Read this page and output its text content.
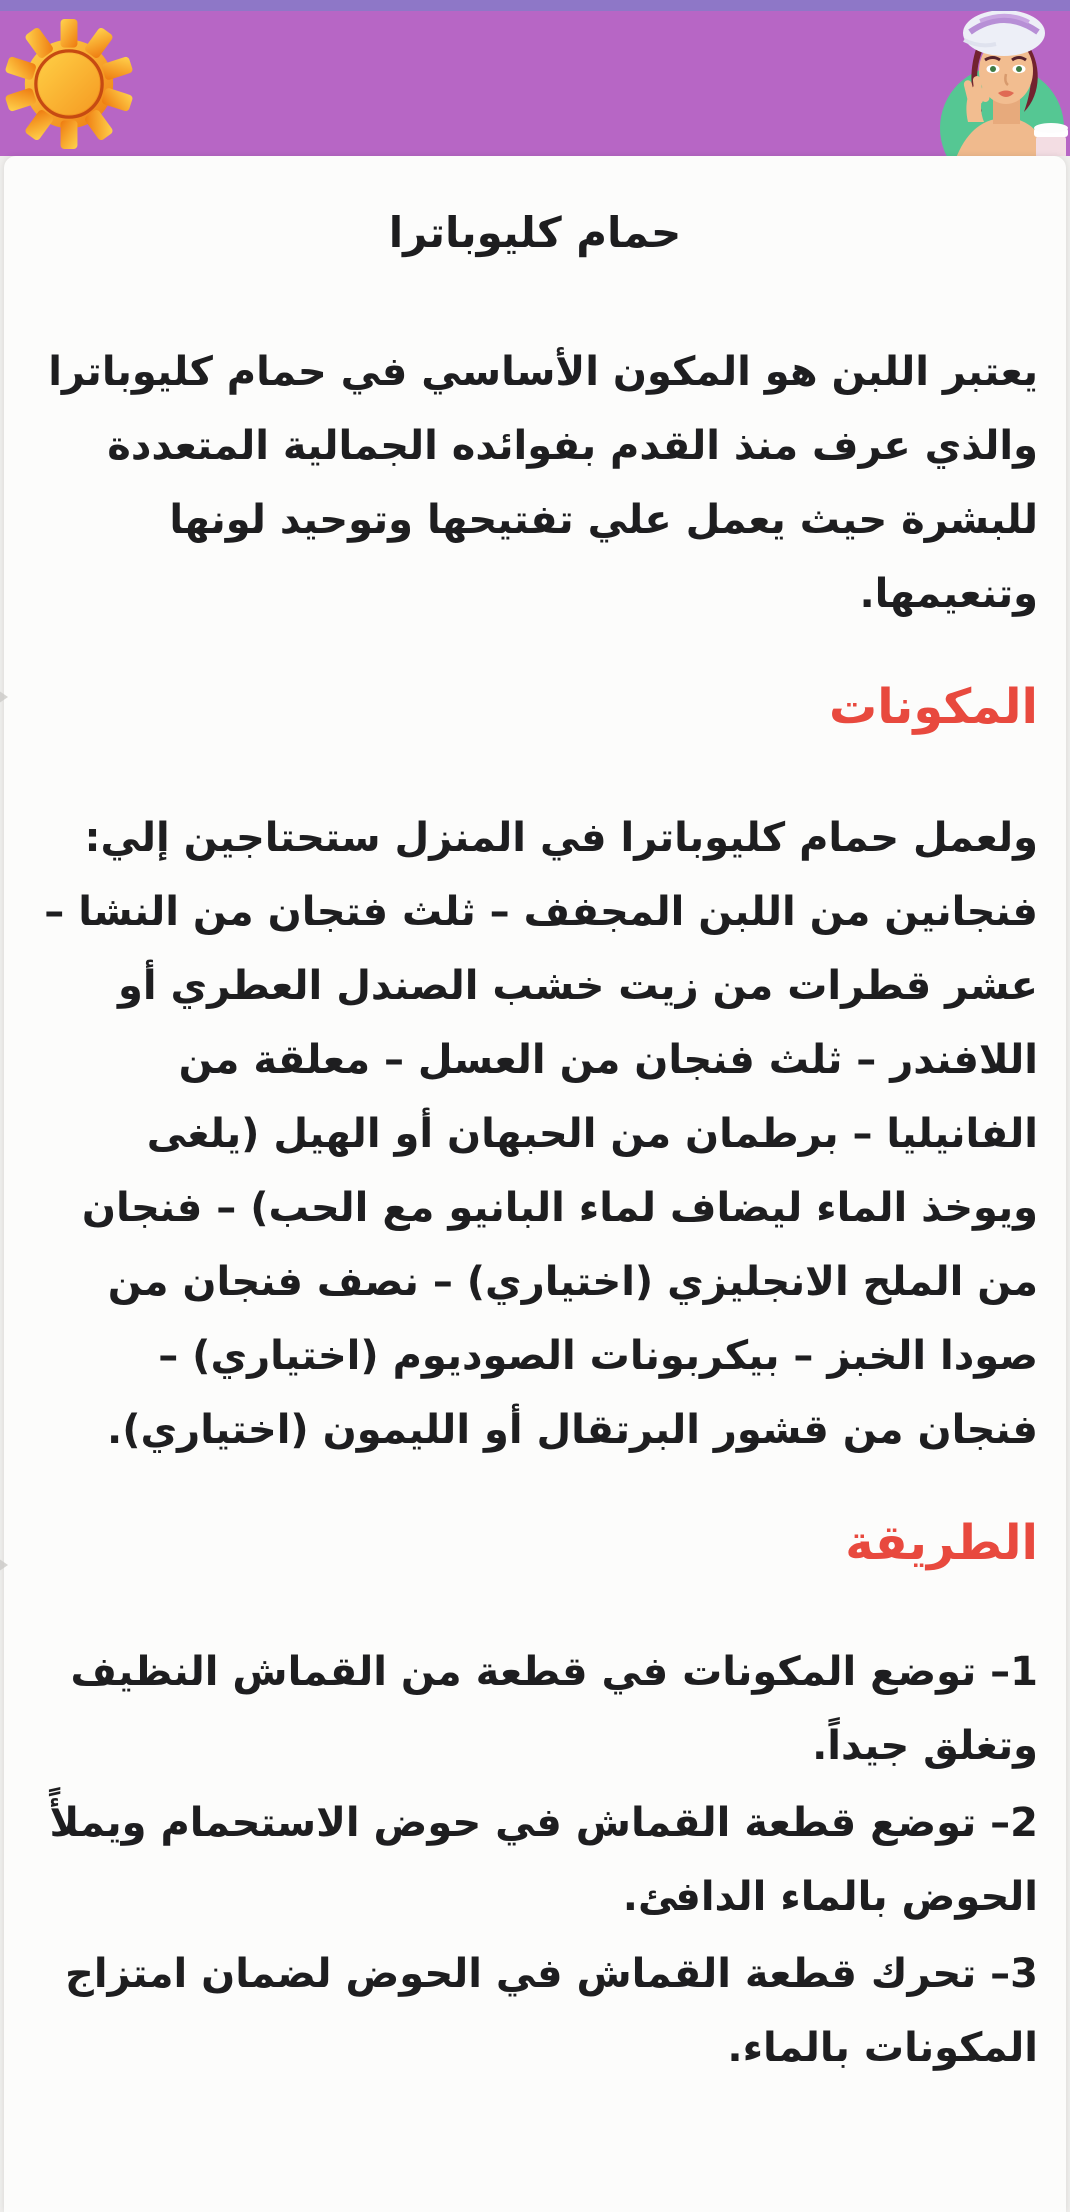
حمام كليوباترا

يعتبر اللبن هو المكون الأساسي في حمام كليوباترا والذي عرف منذ القدم بفوائده الجمالية المتعددة للبشرة حيث يعمل علي تفتيحها وتوحيد لونها وتنعيمها.

المكونات

ولعمل حمام كليوباترا في المنزل ستحتاجين إلي: فنجانين من اللبن المجفف – ثلث فتجان من النشا – عشر قطرات من زيت خشب الصندل العطري أو اللافندر – ثلث فنجان من العسل – معلقة من الفانيليا – برطمان من الحبهان أو الهيل (يلغى ويوخذ الماء ليضاف لماء البانيو مع الحب) – فنجان من الملح الانجليزي (اختياري) – نصف فنجان من صودا الخبز – بيكربونات الصوديوم (اختياري) – فنجان من قشور البرتقال أو الليمون (اختياري).

الطريقة

1– توضع المكونات في قطعة من القماش النظيف وتغلق جيداً.

2– توضع قطعة القماش في حوض الاستحمام ويملأً الحوض بالماء الدافئ.

3– تحرك قطعة القماش في الحوض لضمان امتزاج المكونات بالماء.
